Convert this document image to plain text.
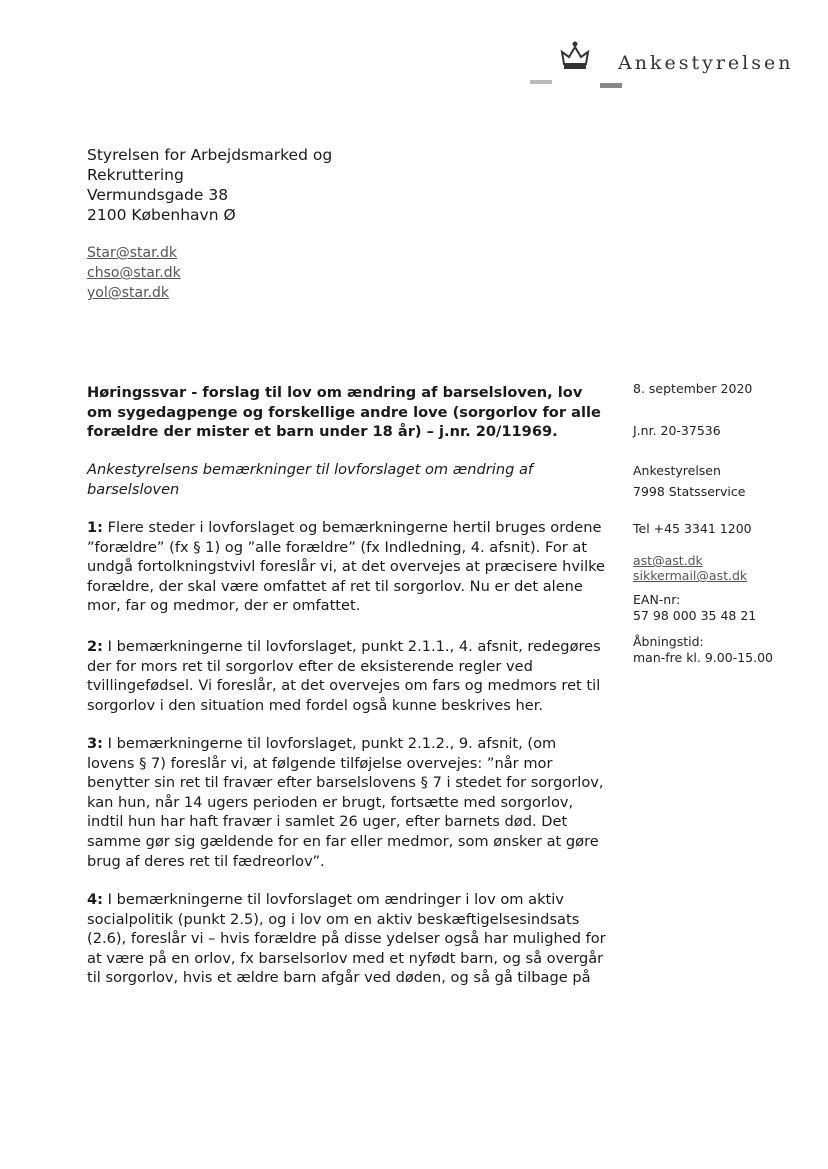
Ankestyrelsen
Styrelsen for Arbejdsmarked og
Rekruttering
Vermundsgade 38
2100 København Ø
Star@star.dk
chso@star.dk
yol@star.dk
8. september 2020
J.nr. 20-37536
Ankestyrelsen
7998 Statsservice
Tel +45 3341 1200
ast@ast.dk
sikkermail@ast.dk
EAN-nr:
57 98 000 35 48 21
Åbningstid:
man-fre kl. 9.00-15.00
Høringssvar - forslag til lov om ændring af barselsloven, lov om sygedagpenge og forskellige andre love (sorgorlov for alle forældre der mister et barn under 18 år) – j.nr. 20/11969.
Ankestyrelsens bemærkninger til lovforslaget om ændring af barselsloven

1: Flere steder i lovforslaget og bemærkningerne hertil bruges ordene ”forældre” (fx § 1) og ”alle forældre” (fx Indledning, 4. afsnit). For at undgå fortolkningstvivl foreslår vi, at det overvejes at præcisere hvilke forældre, der skal være omfattet af ret til sorgorlov. Nu er det alene mor, far og medmor, der er omfattet.

2: I bemærkningerne til lovforslaget, punkt 2.1.1., 4. afsnit, redegøres der for mors ret til sorgorlov efter de eksisterende regler ved tvillingefødsel. Vi foreslår, at det overvejes om fars og medmors ret til sorgorlov i den situation med fordel også kunne beskrives her.

3: I bemærkningerne til lovforslaget, punkt 2.1.2., 9. afsnit, (om lovens § 7) foreslår vi, at følgende tilføjelse overvejes: ”når mor benytter sin ret til fravær efter barselslovens § 7 i stedet for sorgorlov, kan hun, når 14 ugers perioden er brugt, fortsætte med sorgorlov, indtil hun har haft fravær i samlet 26 uger, efter barnets død. Det samme gør sig gældende for en far eller medmor, som ønsker at gøre brug af deres ret til fædreorlov”.

4: I bemærkningerne til lovforslaget om ændringer i lov om aktiv socialpolitik (punkt 2.5), og i lov om en aktiv beskæftigelsesindsats (2.6), foreslår vi – hvis forældre på disse ydelser også har mulighed for at være på en orlov, fx barselsorlov med et nyfødt barn, og så overgår til sorgorlov, hvis et ældre barn afgår ved døden, og så gå tilbage på
